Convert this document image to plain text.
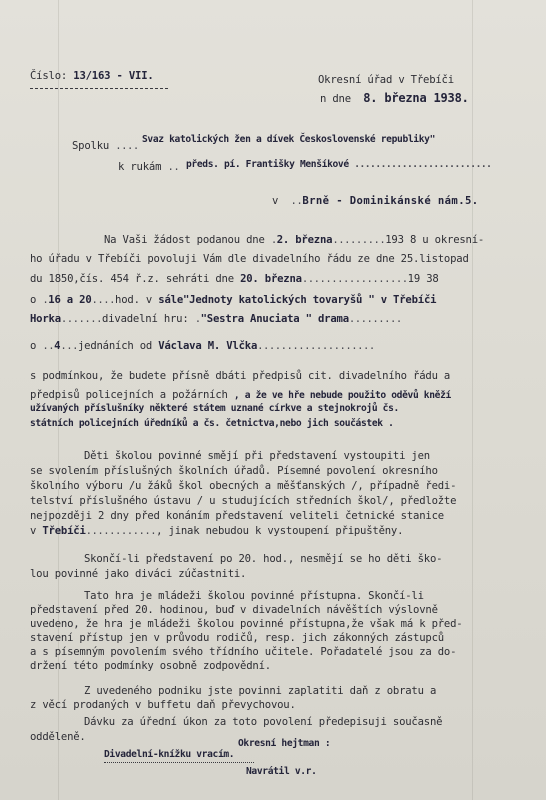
Číslo: 13/163 - VII.	Okresní úřad v Třebíči
n dne 8. března 1938.
Spolku ....
Svaz katolických žen a dívek Československé republiky"
k rukám .. předs. pí. Františky Menšíkové ..........................
v ..Brně - Dominikánské nám.5.
Na Vaši žádost podanou dne .2. března.........193 8 u okresní-
ho úřadu v Třebíči povoluji Vám dle divadelního řádu ze dne 25.listopad
du 1850,čís. 454 ř.z. sehráti dne 20. března..................19 38
o .16 a 20....hod. v sále"Jednoty katolických tovaryšů " v Třebíči
Horka.......divadelní hru: ."Sestra Anuciata " drama.........
o ..4...jednáních od Václava M. Vlčka....................
s podmínkou, že budete přísně dbáti předpisů cit. divadelního řádu a
předpisů policejních a požárních , a že ve hře nebude použito oděvů kněží
užívaných příslušníky některé státem uznané církve a stejnokrojů čs.
státních policejních úředníků a čs. četnictva,nebo jich součástek .
Děti školou povinné smějí při představení vystoupiti jen
se svolením příslušných školních úřadů. Písemné povolení okresního
školního výboru /u žáků škol obecných a měšťanských /, případně ředi-
telství příslušného ústavu / u studujících středních škol/, předložte
nejpozději 2 dny před konáním představení veliteli četnické stanice
v Třebíči............, jinak nebudou k vystoupení připuštěny.
Skončí-li představení po 20. hod., nesmějí se ho děti ško-
lou povinné jako diváci zúčastniti.
Tato hra je mládeži školou povinné přístupna. Skončí-li
představení před 20. hodinou, buď v divadelních návěštích výslovně
uvedeno, že hra je mládeži školou povinné přístupna,že však má k před-
stavení přístup jen v průvodu rodičů, resp. jich zákonných zástupců
a s písemným povolením svého třídního učitele. Pořadatelé jsou za do-
držení této podmínky osobně zodpovědní.
Z uvedeného podniku jste povinni zaplatiti daň z obratu a
z věcí prodaných v buffetu daň převychovou.
Dávku za úřední úkon za toto povolení předepisuji současně
odděleně.
Divadelní-knížku vracím.
Okresní hejtman :
Navrátil v.r.
